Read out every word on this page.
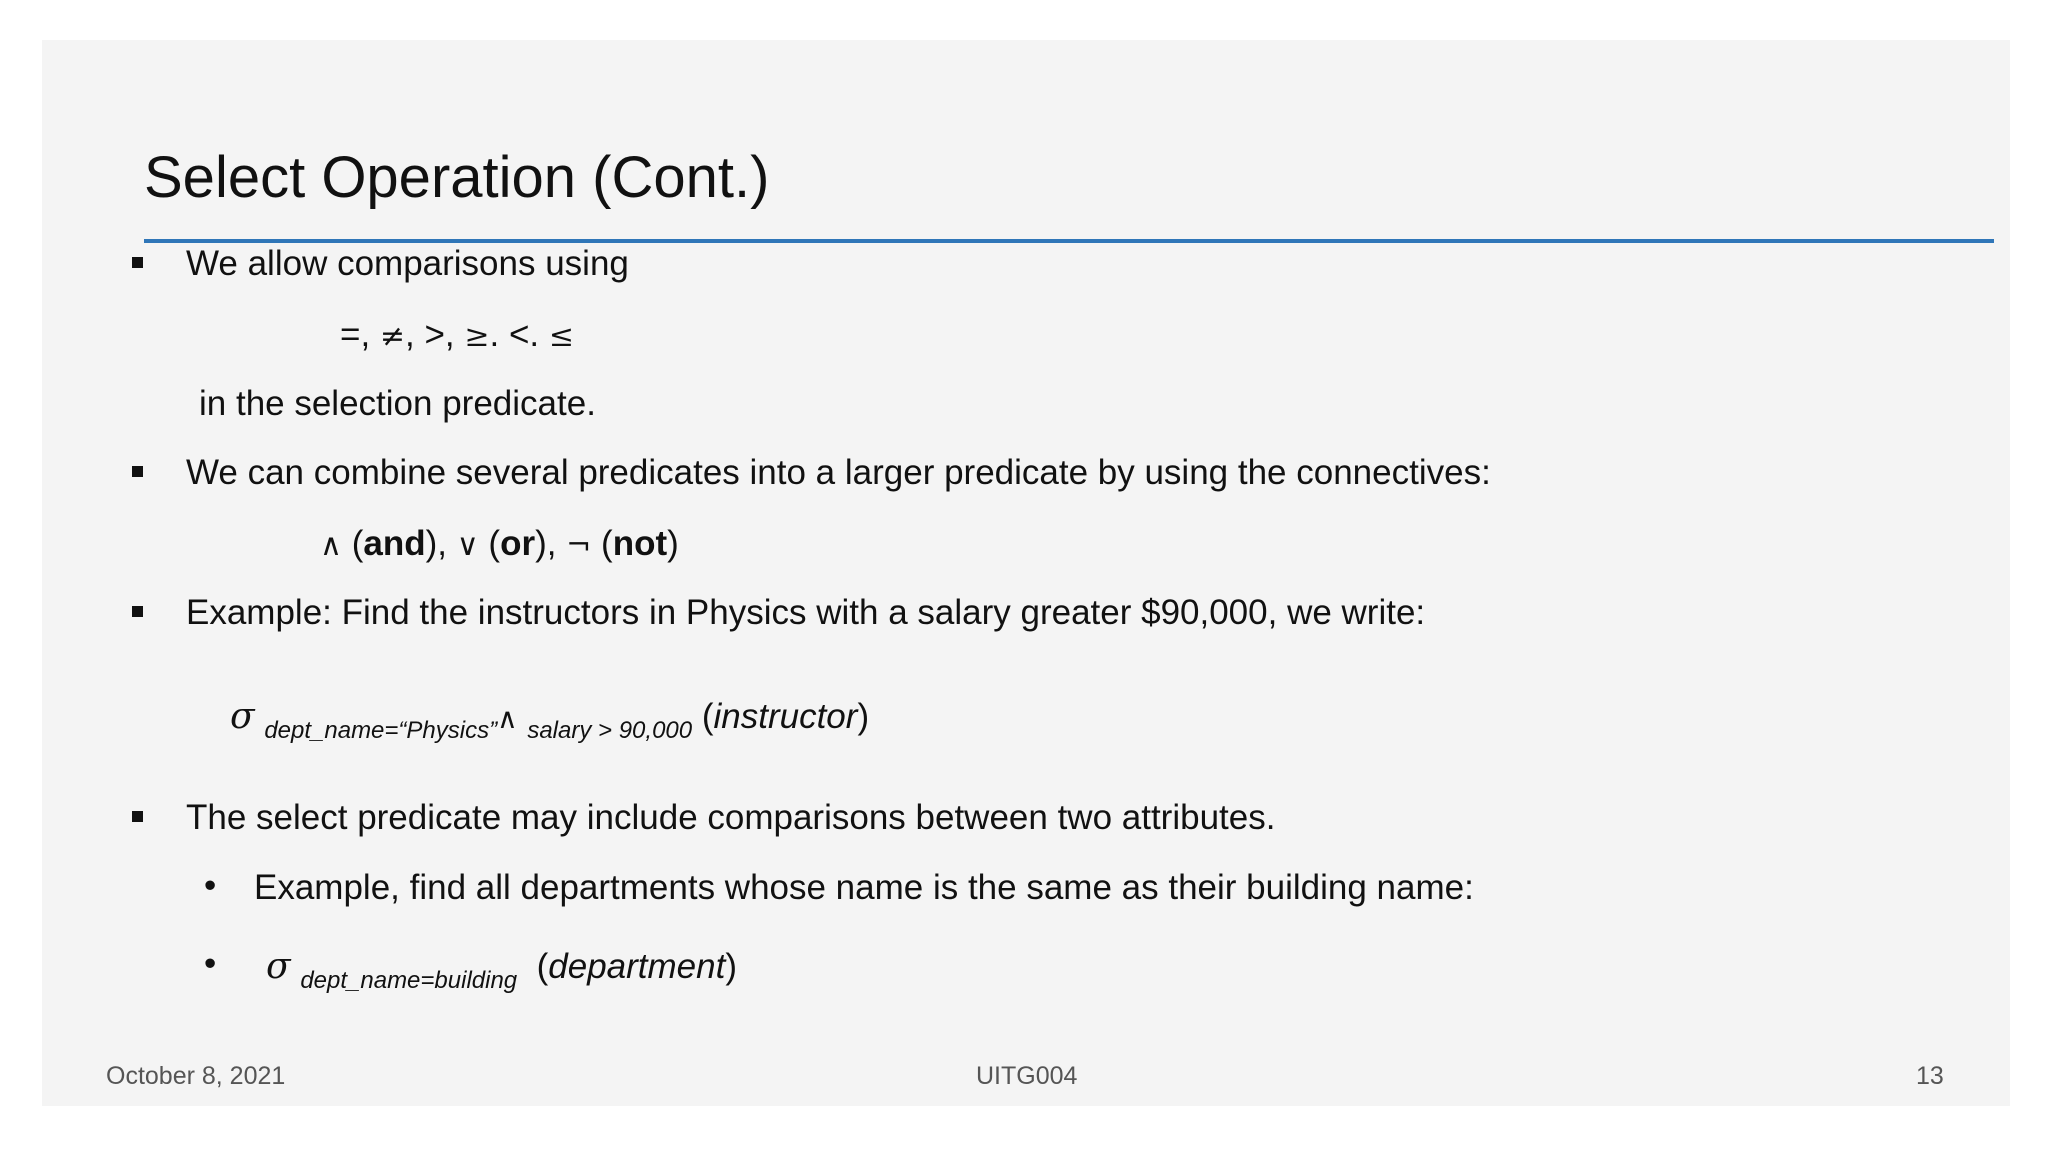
Select Operation (Cont.)
We allow comparisons using
=, ≠, >, ≥. <. ≤
in the selection predicate.
We can combine several predicates into a larger predicate by using the connectives:
∧ (and), ∨ (or), ¬ (not)
Example: Find the instructors in Physics with a salary greater $90,000, we write:
σ $_{dept\_name=“Physics”}$∧ $_{salary > 90,000}$ (instructor)
The select predicate may include comparisons between two attributes.
• Example, find all departments whose name is the same as their building name:
• σ $_{dept\_name=building}$ (department)
October 8, 2021	UITG004	13
